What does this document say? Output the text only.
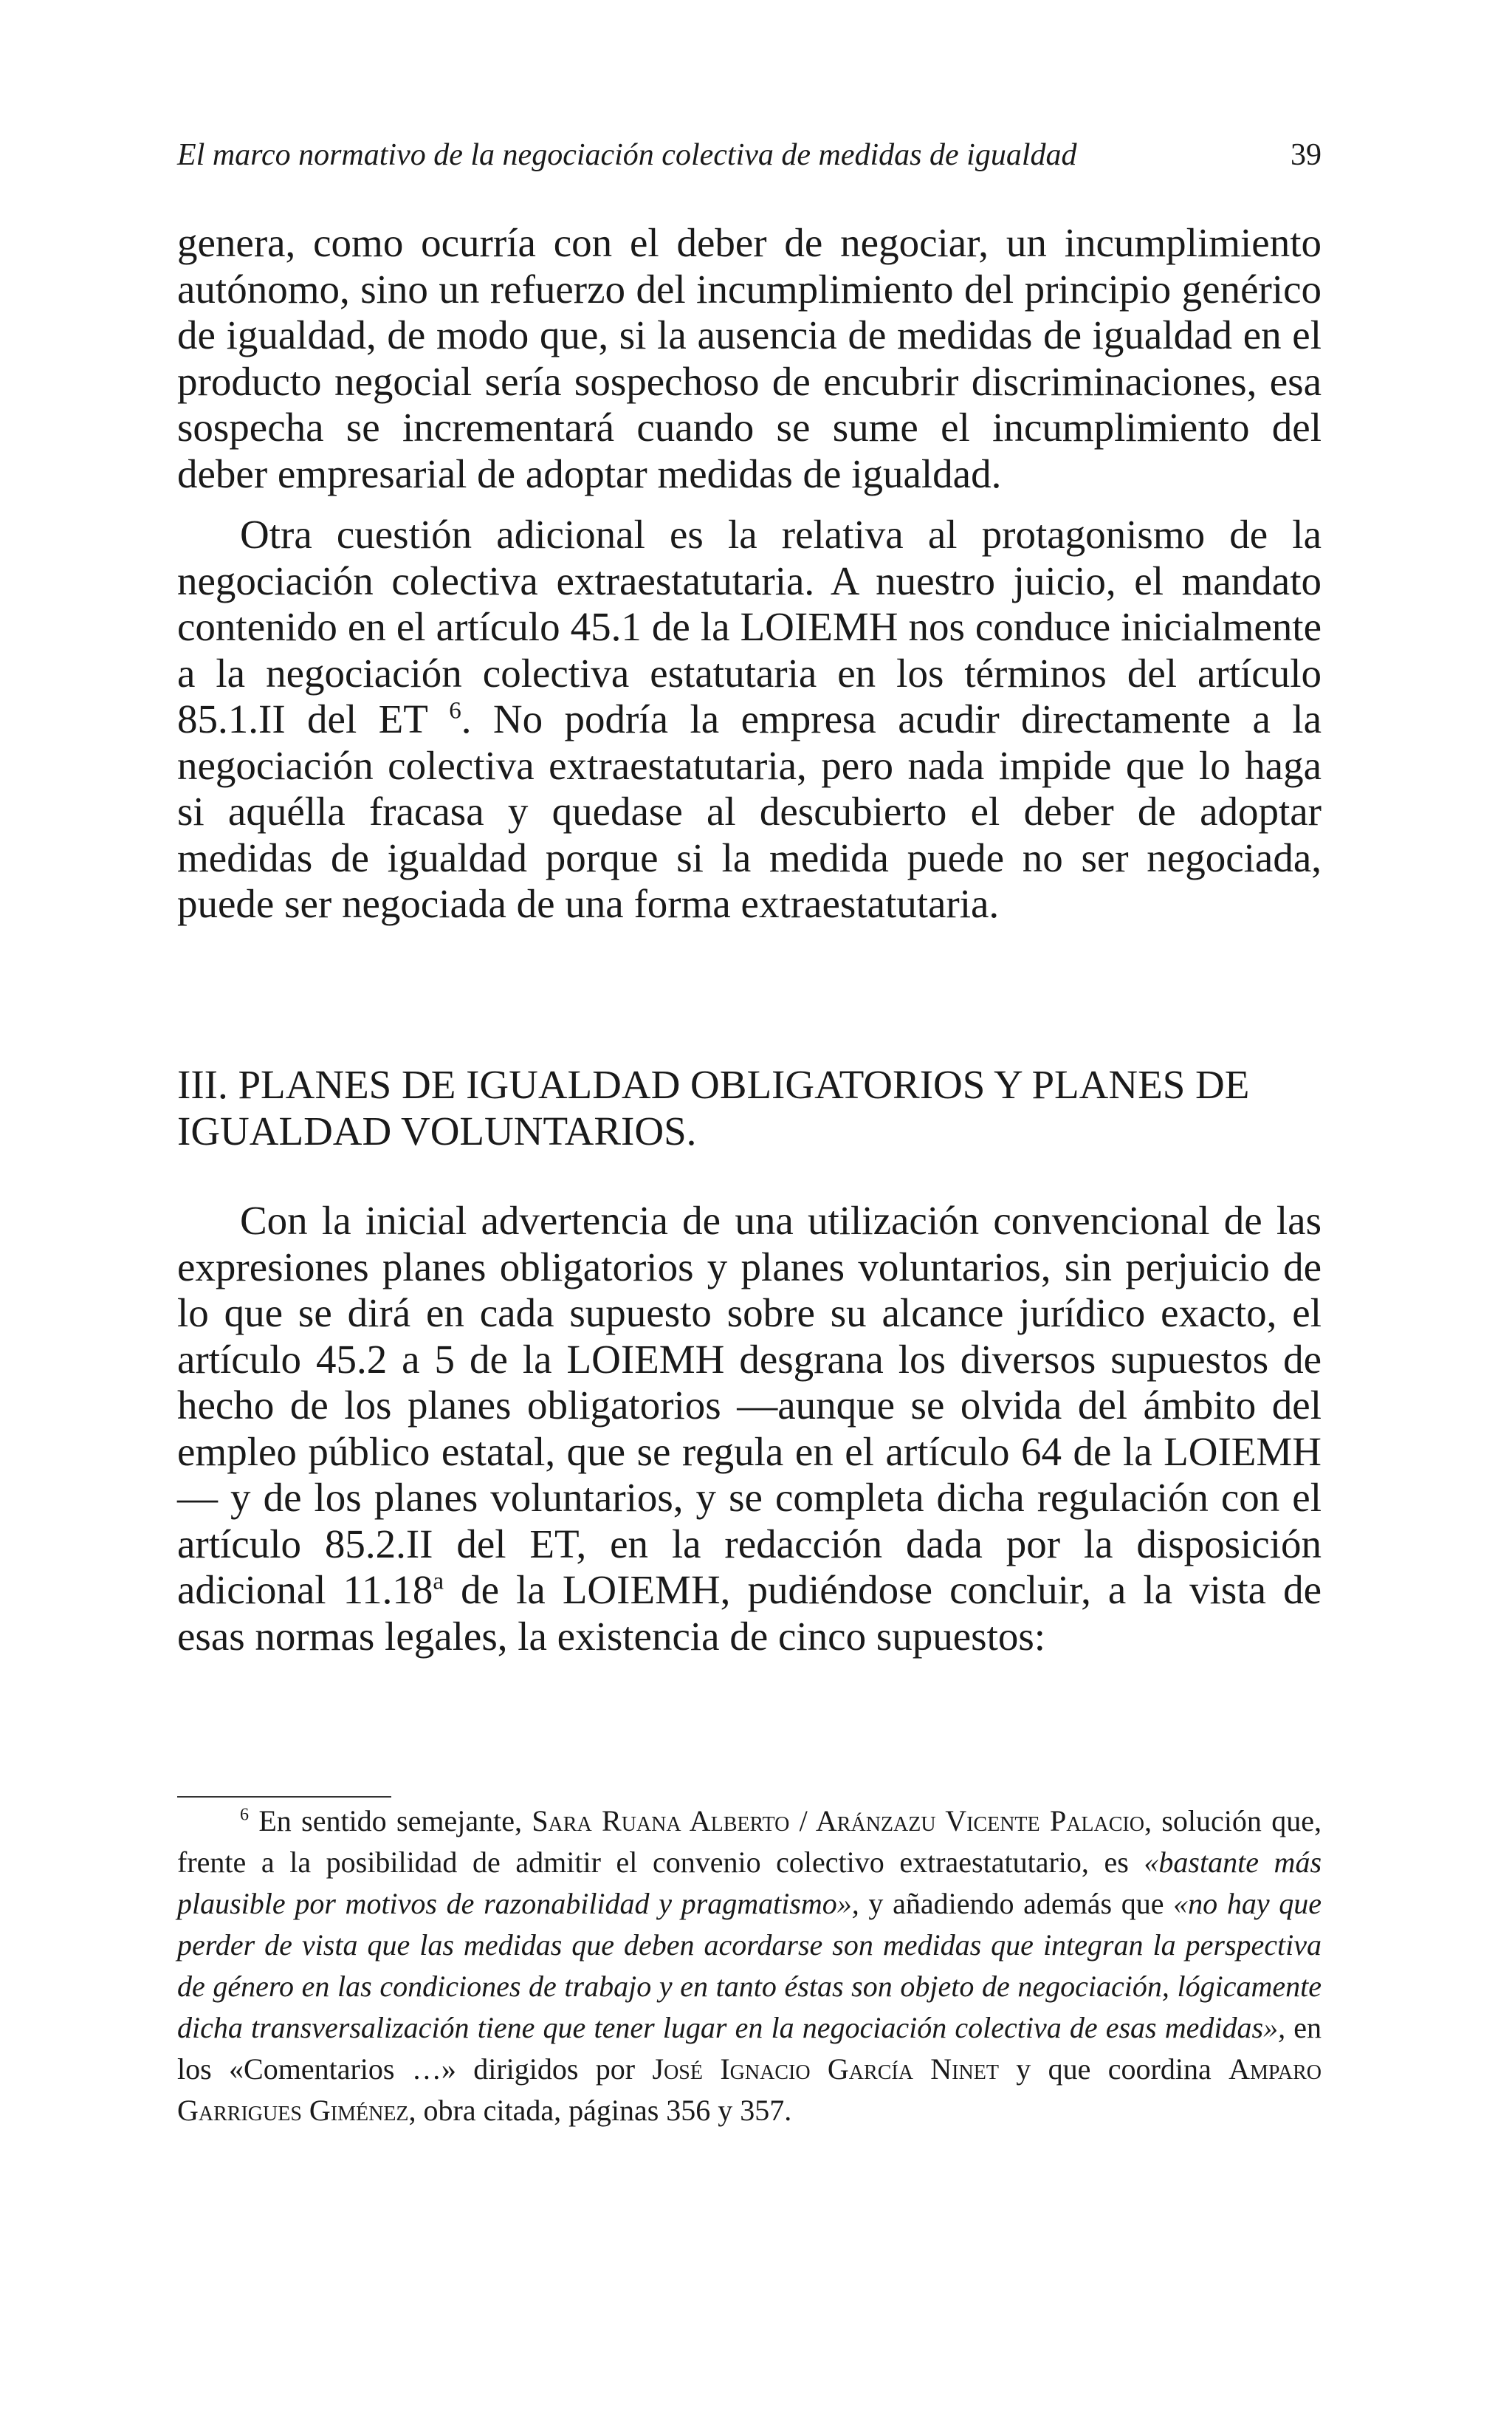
El marco normativo de la negociación colectiva de medidas de igualdad	39

genera, como ocurría con el deber de negociar, un incumplimiento autónomo, sino un refuerzo del incumplimiento del principio genérico de igualdad, de modo que, si la ausencia de medidas de igualdad en el producto negocial sería sospechoso de encubrir discriminaciones, esa sospecha se incrementará cuando se sume el incumplimiento del deber empresarial de adoptar medidas de igualdad.

Otra cuestión adicional es la relativa al protagonismo de la negociación colectiva extraestatutaria. A nuestro juicio, el mandato contenido en el artículo 45.1 de la LOIEMH nos conduce inicialmente a la negociación colectiva estatutaria en los términos del artículo 85.1.II del ET $^6$. No podría la empresa acudir directamente a la negociación colectiva extraestatutaria, pero nada impide que lo haga si aquélla fracasa y quedase al descubierto el deber de adoptar medidas de igualdad porque si la medida puede no ser negociada, puede ser negociada de una forma extraestatutaria.

III. PLANES DE IGUALDAD OBLIGATORIOS Y PLANES DE
IGUALDAD VOLUNTARIOS.

Con la inicial advertencia de una utilización convencional de las expresiones planes obligatorios y planes voluntarios, sin perjuicio de lo que se dirá en cada supuesto sobre su alcance jurídico exacto, el artículo 45.2 a 5 de la LOIEMH desgrana los diversos supuestos de hecho de los planes obligatorios —aunque se olvida del ámbito del empleo público estatal, que se regula en el artículo 64 de la LOIEMH— y de los planes voluntarios, y se completa dicha regulación con el artículo 85.2.II del ET, en la redacción dada por la disposición adicional 11.18$^a$ de la LOIEMH, pudiéndose concluir, a la vista de esas normas legales, la existencia de cinco supuestos:

$^6$ En sentido semejante, Sara Ruana Alberto / Aránzazu Vicente Palacio, solución que, frente a la posibilidad de admitir el convenio colectivo extraestatutario, es «bastante más plausible por motivos de razonabilidad y pragmatismo», y añadiendo además que «no hay que perder de vista que las medidas que deben acordarse son medidas que integran la perspectiva de género en las condiciones de trabajo y en tanto éstas son objeto de negociación, lógicamente dicha transversalización tiene que tener lugar en la negociación colectiva de esas medidas», en los «Comentarios …» dirigidos por José Ignacio García Ninet y que coordina Amparo Garrigues Giménez, obra citada, páginas 356 y 357.
